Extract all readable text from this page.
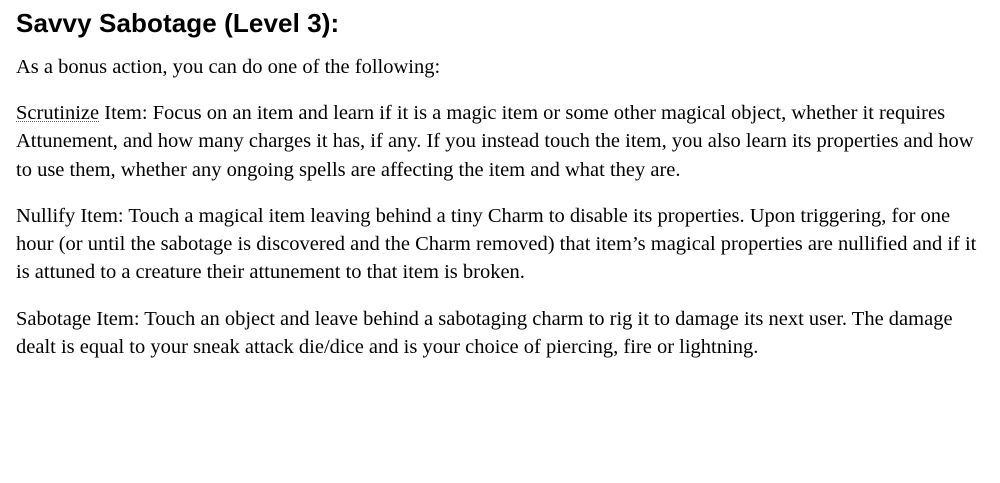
Savvy Sabotage (Level 3):

As a bonus action, you can do one of the following:

Scrutinize Item: Focus on an item and learn if it is a magic item or some other magical object, whether it requires Attunement, and how many charges it has, if any. If you instead touch the item, you also learn its properties and how to use them, whether any ongoing spells are affecting the item and what they are.

Nullify Item: Touch a magical item leaving behind a tiny Charm to disable its properties. Upon triggering, for one hour (or until the sabotage is discovered and the Charm removed) that item’s magical properties are nullified and if it is attuned to a creature their attunement to that item is broken.

Sabotage Item: Touch an object and leave behind a sabotaging charm to rig it to damage its next user. The damage dealt is equal to your sneak attack die/dice and is your choice of piercing, fire or lightning.
